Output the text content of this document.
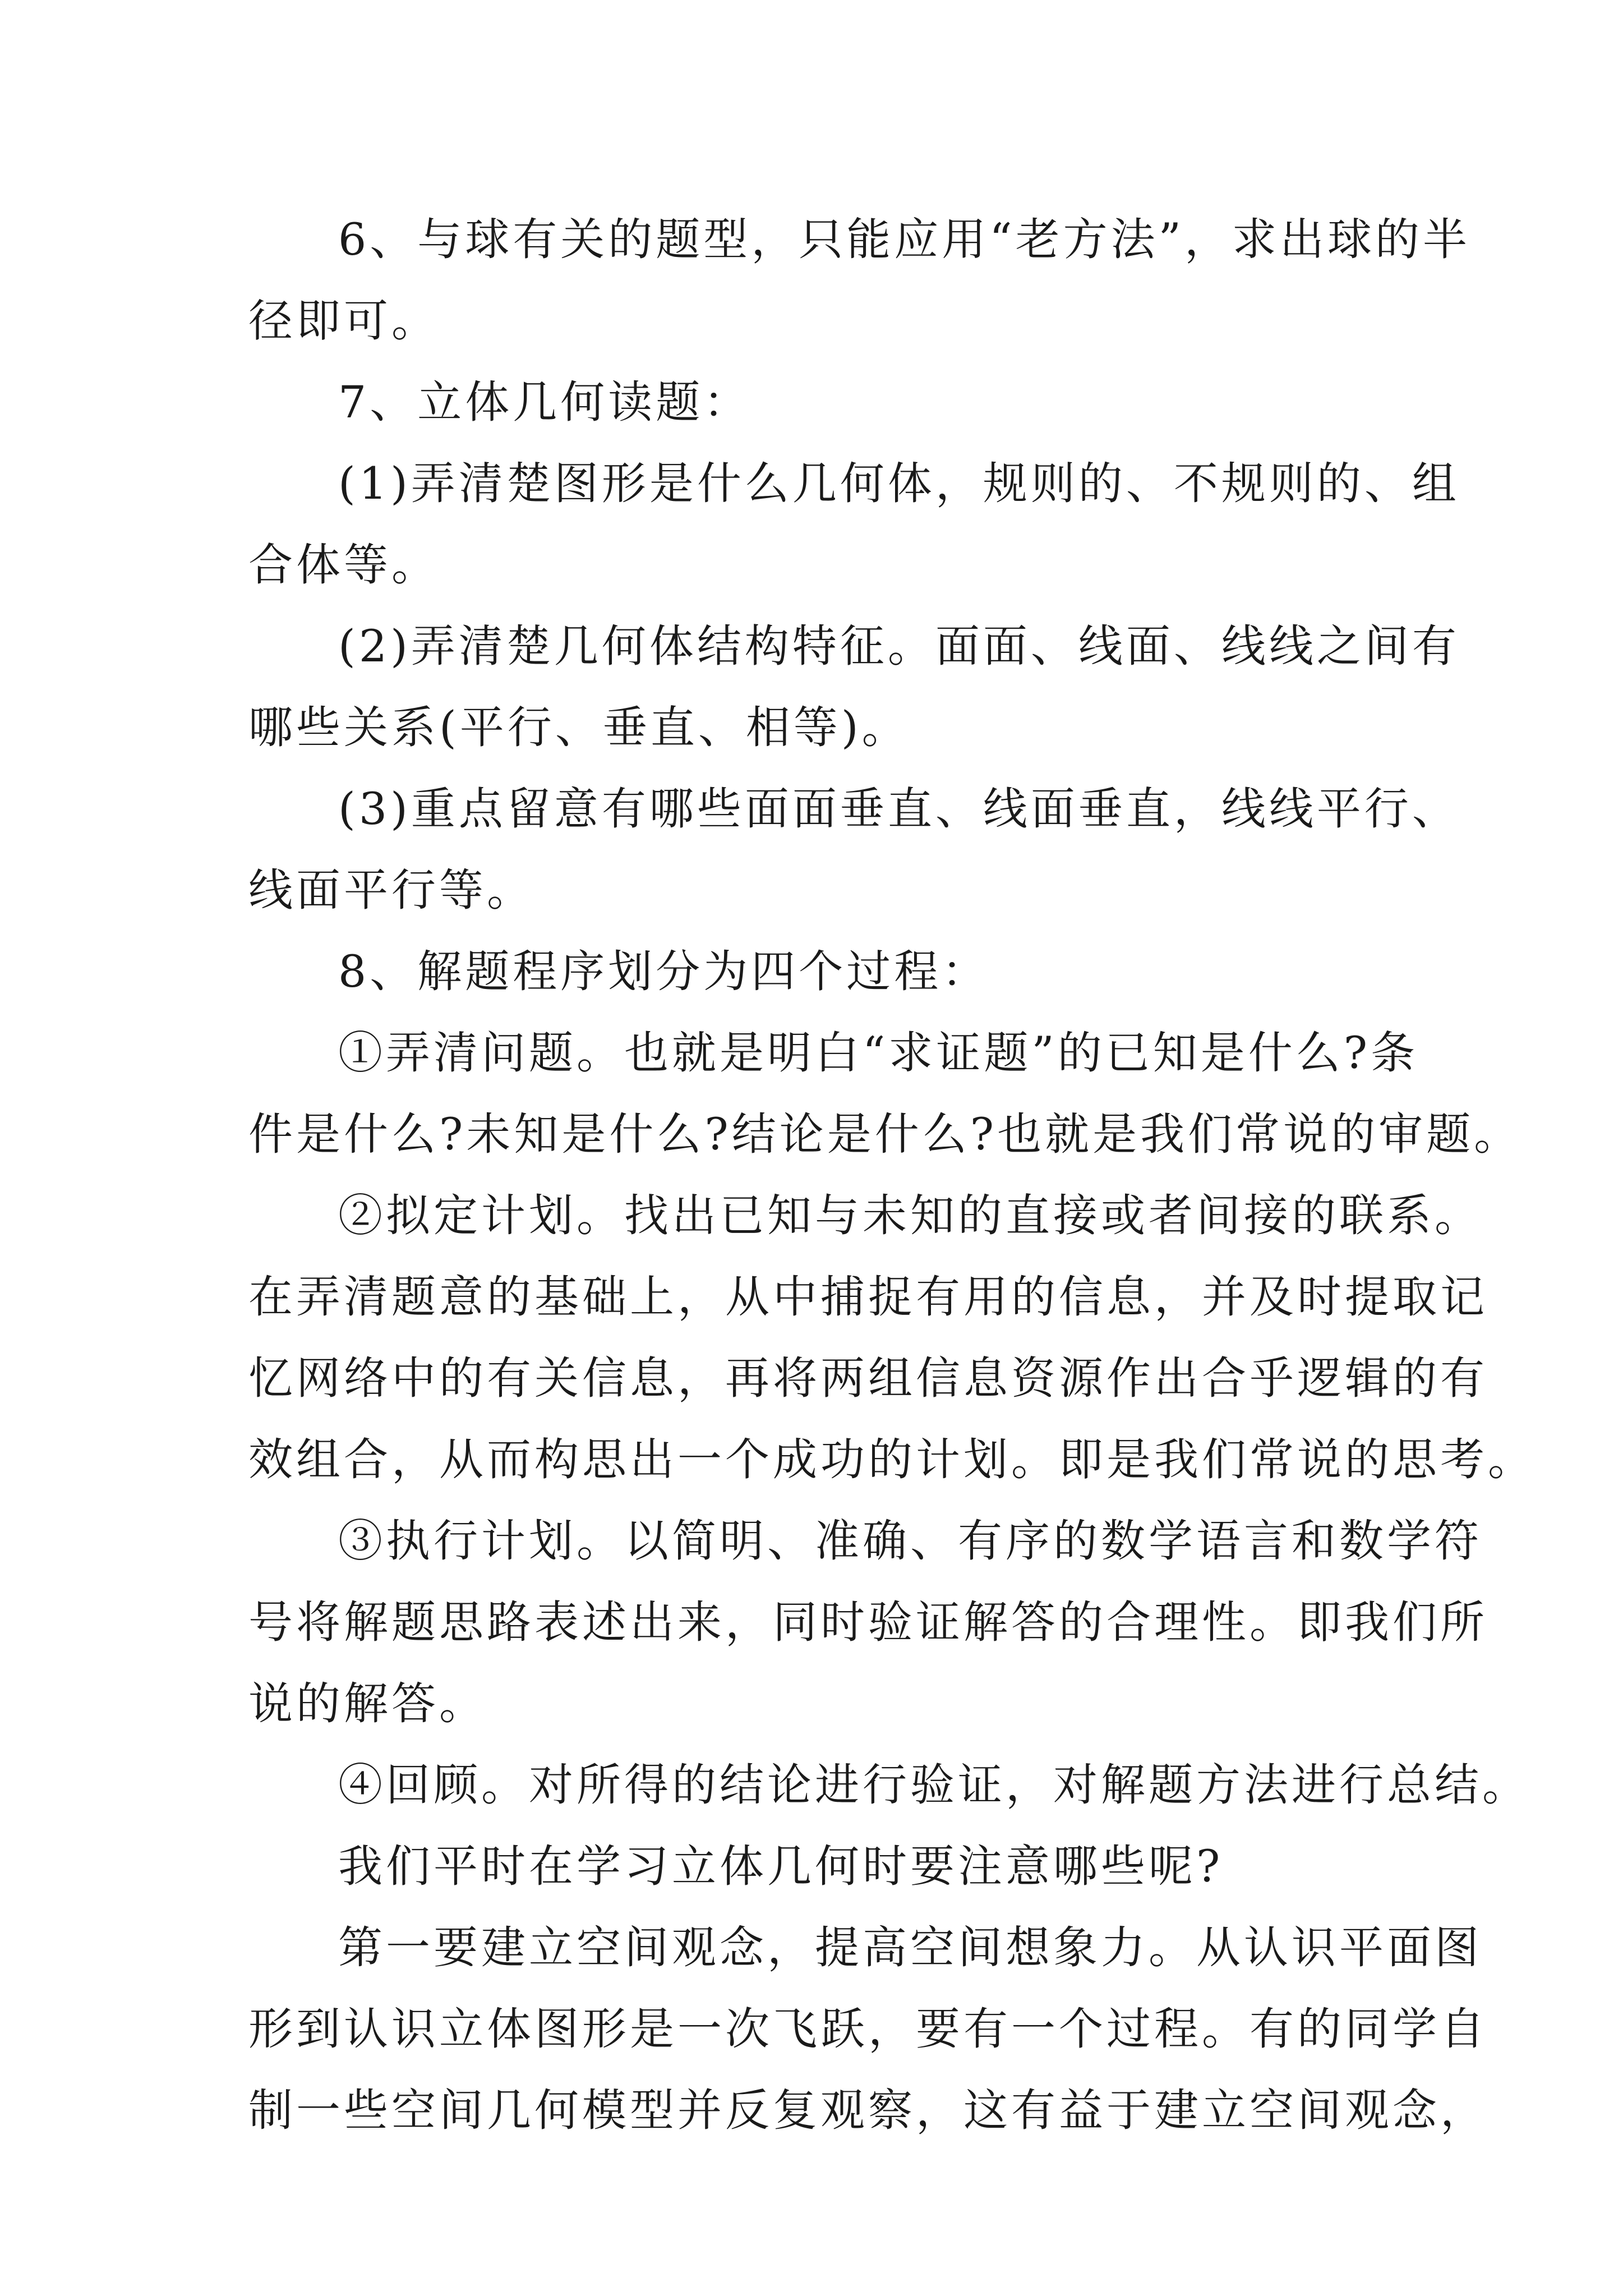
6、与球有关的题型，只能应用“老方法”，求出球的半
径即可。
7、立体几何读题：
(1)弄清楚图形是什么几何体，规则的、不规则的、组
合体等。
(2)弄清楚几何体结构特征。面面、线面、线线之间有
哪些关系(平行、垂直、相等)。
(3)重点留意有哪些面面垂直、线面垂直，线线平行、
线面平行等。
8、解题程序划分为四个过程：
①弄清问题。也就是明白“求证题”的已知是什么?条
件是什么?未知是什么?结论是什么?也就是我们常说的审题。
②拟定计划。找出已知与未知的直接或者间接的联系。
在弄清题意的基础上，从中捕捉有用的信息，并及时提取记
忆网络中的有关信息，再将两组信息资源作出合乎逻辑的有
效组合，从而构思出一个成功的计划。即是我们常说的思考。
③执行计划。以简明、准确、有序的数学语言和数学符
号将解题思路表述出来，同时验证解答的合理性。即我们所
说的解答。
④回顾。对所得的结论进行验证，对解题方法进行总结。
我们平时在学习立体几何时要注意哪些呢?
第一要建立空间观念，提高空间想象力。从认识平面图
形到认识立体图形是一次飞跃，要有一个过程。有的同学自
制一些空间几何模型并反复观察，这有益于建立空间观念，
